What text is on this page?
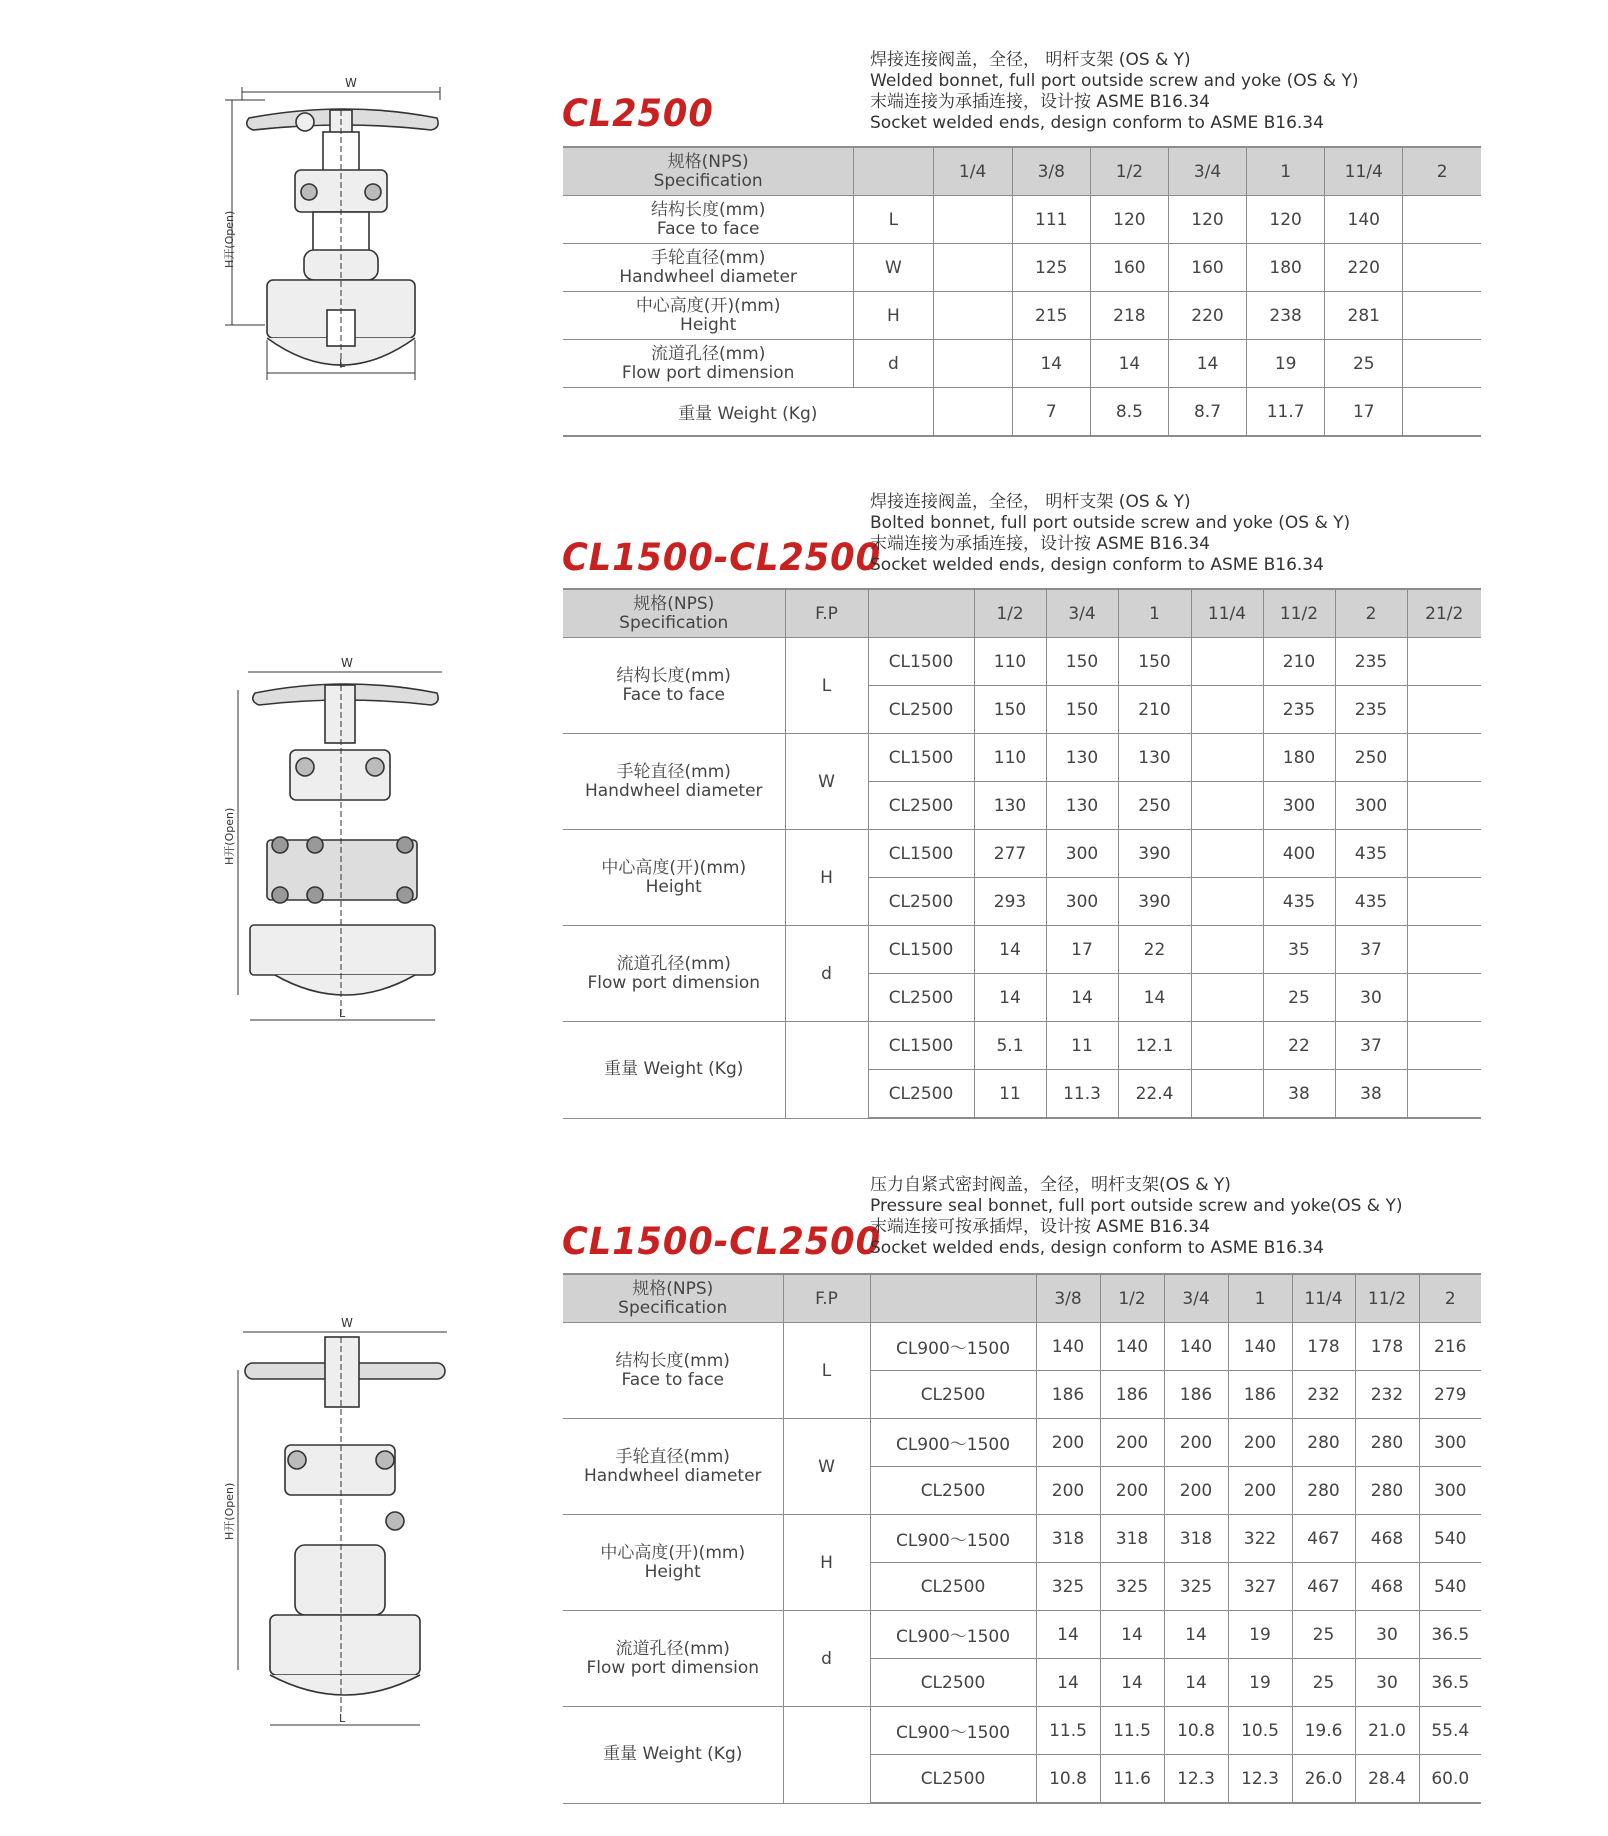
W
L
H开(Open)
CL2500
焊接连接阀盖，全径， 明杆支架 (OS & Y)
Welded bonnet, full port outside screw and yoke (OS & Y)
末端连接为承插连接，设计按 ASME B16.34
Socket welded ends, design conform to ASME B16.34
规格(NPS)
Specification		1/4	3/8	1/2	3/4	1	11/4	2

结构长度(mm)
Face to face	L		111	120	120	120	140	

手轮直径(mm)
Handwheel diameter	W		125	160	160	180	220	

中心高度(开)(mm)
Height	H		215	218	220	238	281	

流道孔径(mm)
Flow port dimension	d		14	14	14	19	25	
重量 Weight (Kg)			7	8.5	8.7	11.7	17	
W
L
H开(Open)
CL1500-CL2500
焊接连接阀盖，全径， 明杆支架 (OS & Y)
Bolted bonnet, full port outside screw and yoke (OS & Y)
末端连接为承插连接，设计按 ASME B16.34
Socket welded ends, design conform to ASME B16.34
规格(NPS)
Specification	F.P		1/2	3/4	1	11/4	11/2	2	21/2

结构长度(mm)
Face to face	L	CL1500	110	150	150		210	235	
		CL2500	150	150	210		235	235	

手轮直径(mm)
Handwheel diameter	W	CL1500	110	130	130		180	250	
		CL2500	130	130	250		300	300	

中心高度(开)(mm)
Height	H	CL1500	277	300	390		400	435	
		CL2500	293	300	390		435	435	

流道孔径(mm)
Flow port dimension	d	CL1500	14	17	22		35	37	
		CL2500	14	14	14		25	30	

重量 Weight (Kg)		CL1500	5.1	11	12.1		22	37	
		CL2500	11	11.3	22.4		38	38	
W
L
H开(Open)
CL1500-CL2500
压力自紧式密封阀盖，全径，明杆支架(OS & Y)
Pressure seal bonnet, full port outside screw and yoke(OS & Y)
末端连接可按承插焊，设计按 ASME B16.34
Socket welded ends, design conform to ASME B16.34
规格(NPS)
Specification	F.P		3/8	1/2	3/4	1	11/4	11/2	2

结构长度(mm)
Face to face	L	CL900～1500	140	140	140	140	178	178	216
		CL2500	186	186	186	186	232	232	279

手轮直径(mm)
Handwheel diameter	W	CL900～1500	200	200	200	200	280	280	300
		CL2500	200	200	200	200	280	280	300

中心高度(开)(mm)
Height	H	CL900～1500	318	318	318	322	467	468	540
		CL2500	325	325	325	327	467	468	540

流道孔径(mm)
Flow port dimension	d	CL900～1500	14	14	14	19	25	30	36.5
		CL2500	14	14	14	19	25	30	36.5

重量 Weight (Kg)		CL900～1500	11.5	11.5	10.8	10.5	19.6	21.0	55.4
		CL2500	10.8	11.6	12.3	12.3	26.0	28.4	60.0
